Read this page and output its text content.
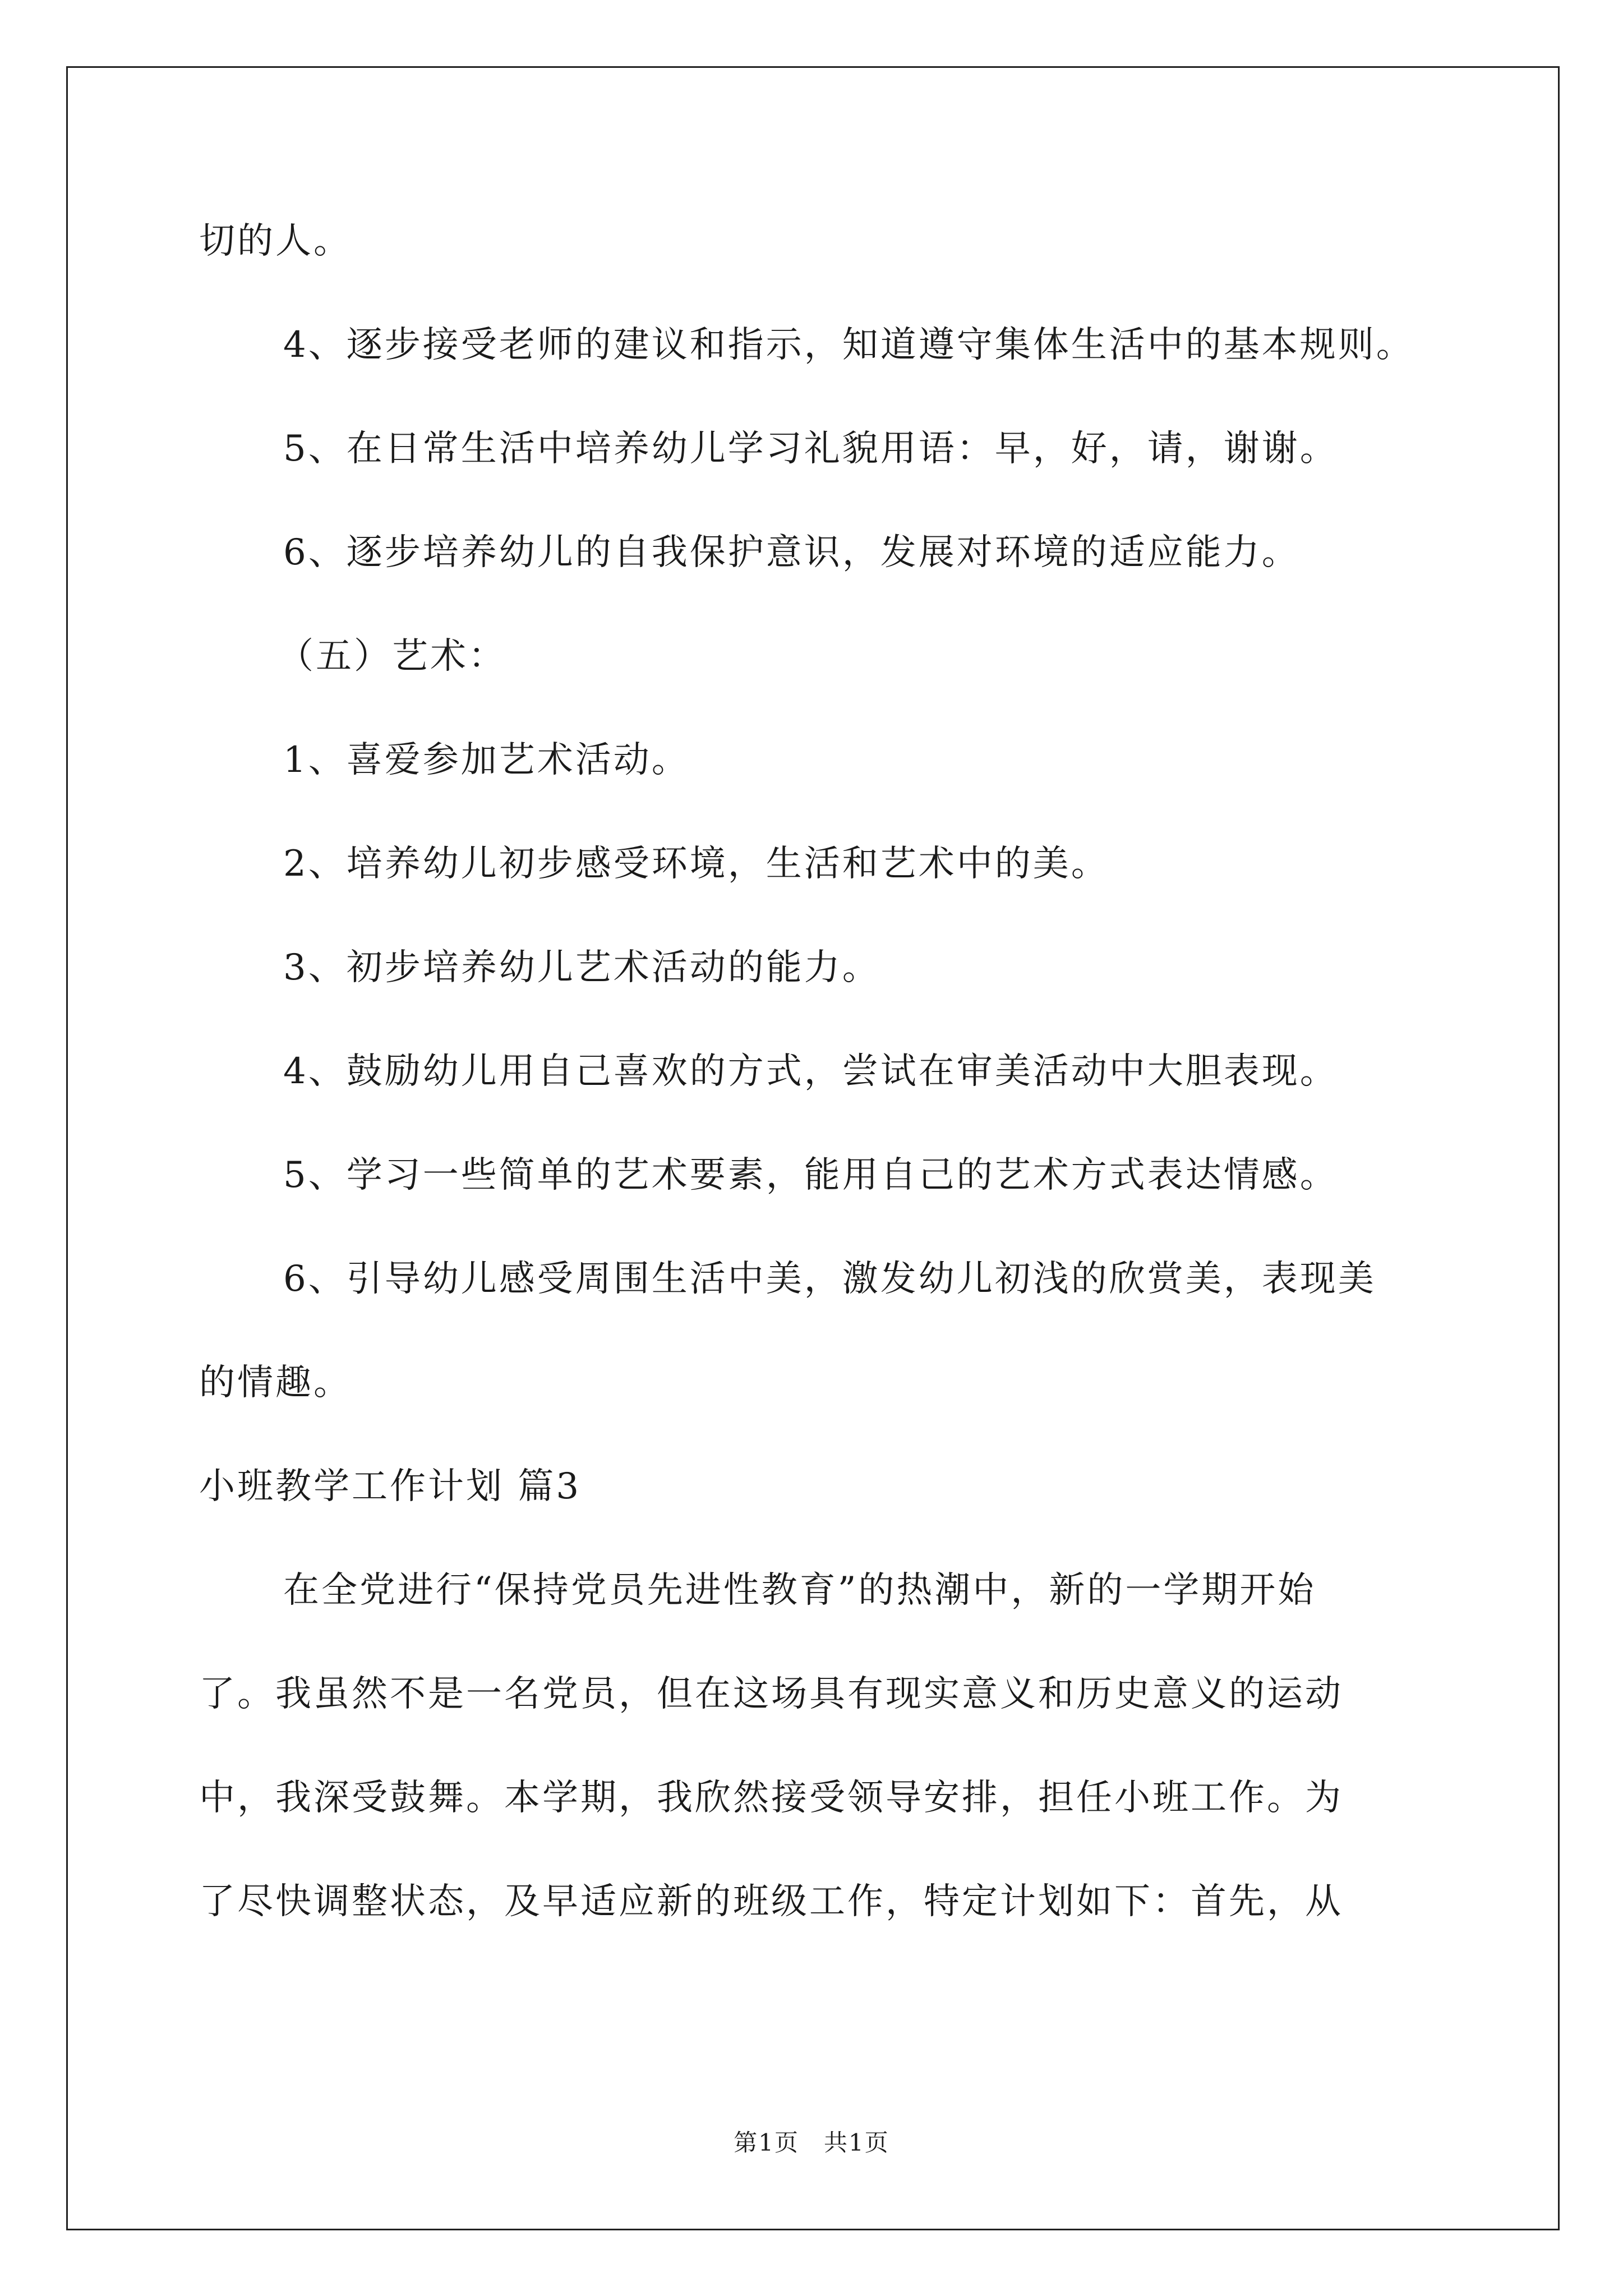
切的人。
4、逐步接受老师的建议和指示，知道遵守集体生活中的基本规则。
5、在日常生活中培养幼儿学习礼貌用语：早，好，请，谢谢。
6、逐步培养幼儿的自我保护意识，发展对环境的适应能力。
（五）艺术：
1、喜爱参加艺术活动。
2、培养幼儿初步感受环境，生活和艺术中的美。
3、初步培养幼儿艺术活动的能力。
4、鼓励幼儿用自己喜欢的方式，尝试在审美活动中大胆表现。
5、学习一些简单的艺术要素，能用自己的艺术方式表达情感。
6、引导幼儿感受周围生活中美，激发幼儿初浅的欣赏美，表现美
的情趣。
小班教学工作计划 篇3
在全党进行“保持党员先进性教育”的热潮中，新的一学期开始
了。我虽然不是一名党员，但在这场具有现实意义和历史意义的运动
中，我深受鼓舞。本学期，我欣然接受领导安排，担任小班工作。为
了尽快调整状态，及早适应新的班级工作，特定计划如下：首先，从
第1页　共1页
